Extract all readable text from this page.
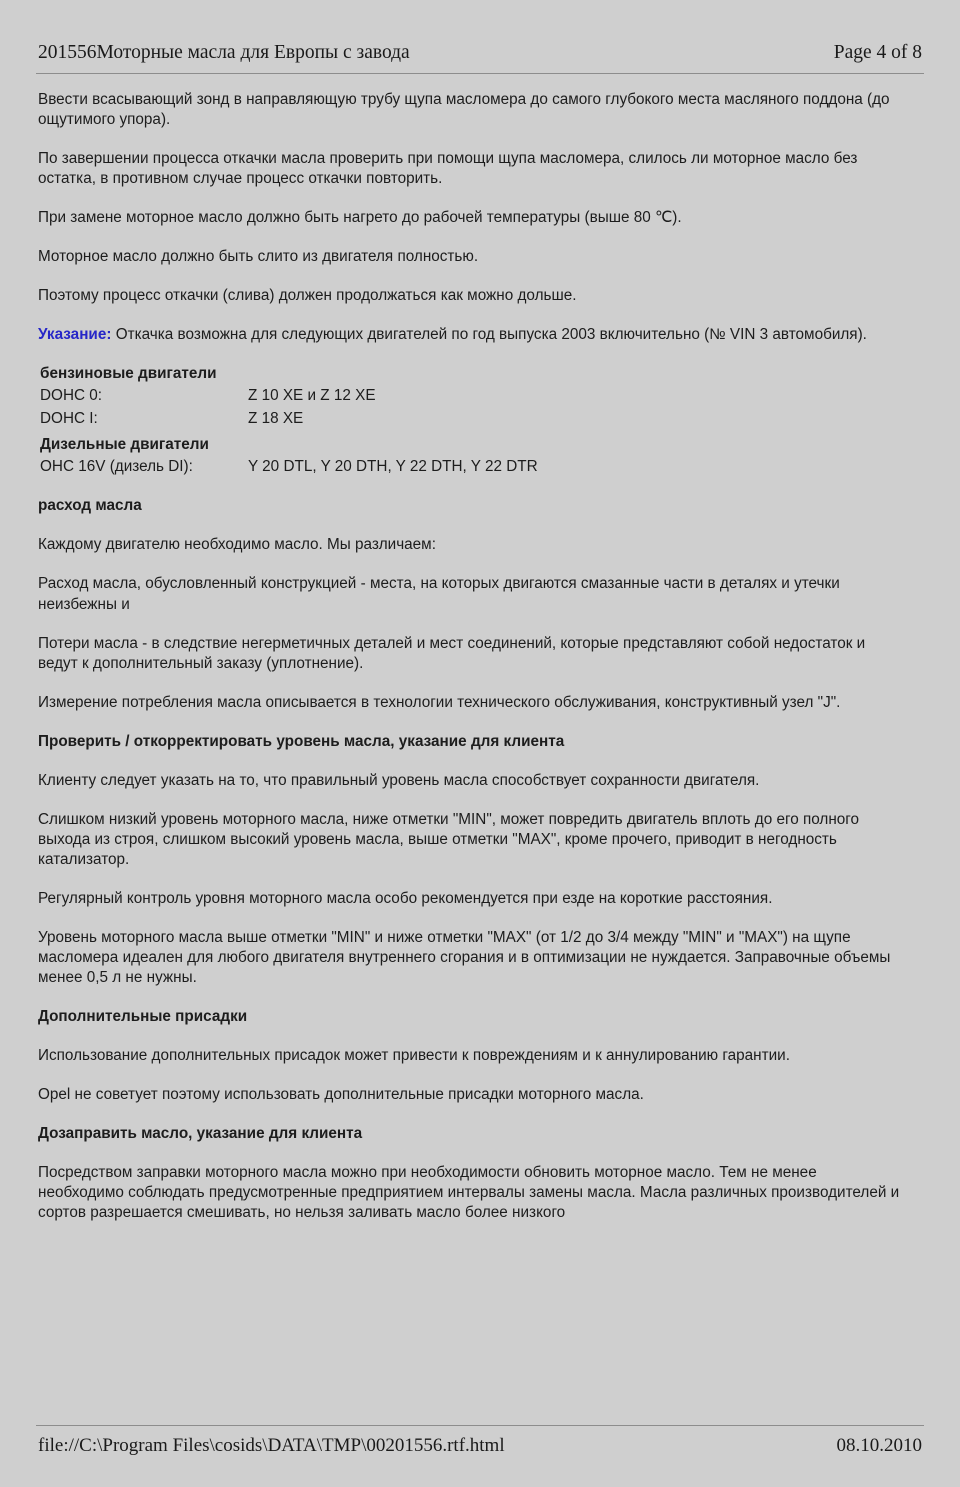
201556Моторные масла для Европы с завода	Page 4 of 8

Ввести всасывающий зонд в направляющую трубу щупа масломера до самого глубокого места масляного поддона (до ощутимого упора).

По завершении процесса откачки масла проверить при помощи щупа масломера, слилось ли моторное масло без остатка, в противном случае процесс откачки повторить.

При замене моторное масло должно быть нагрето до рабочей температуры (выше 80 ℃).

Моторное масло должно быть слито из двигателя полностью.

Поэтому процесс откачки (слива) должен продолжаться как можно дольше.

Указание: Откачка возможна для следующих двигателей по год выпуска 2003 включительно (№ VIN 3 автомобиля).

бензиновые двигатели
DOHC 0:	Z 10 XE и Z 12 XE
DOHC I:	Z 18 XE
Дизельные двигатели
OHC 16V (дизель DI):	Y 20 DTL, Y 20 DTH, Y 22 DTH, Y 22 DTR
расход масла

Каждому двигателю необходимо масло. Мы различаем:

Расход масла, обусловленный конструкцией - места, на которых двигаются смазанные части в деталях и утечки неизбежны и

Потери масла - в следствие негерметичных деталей и мест соединений, которые представляют собой недостаток и ведут к дополнительный заказу (уплотнение).

Измерение потребления масла описывается в технологии технического обслуживания, конструктивный узел "J".

Проверить / откорректировать уровень масла, указание для клиента

Клиенту следует указать на то, что правильный уровень масла способствует сохранности двигателя.

Слишком низкий уровень моторного масла, ниже отметки "MIN", может повредить двигатель вплоть до его полного выхода из строя, слишком высокий уровень масла, выше отметки "MAX", кроме прочего, приводит в негодность катализатор.

Регулярный контроль уровня моторного масла особо рекомендуется при езде на короткие расстояния.

Уровень моторного масла выше отметки "MIN" и ниже отметки "MAX" (от 1/2 до 3/4 между "MIN" и "MAX") на щупе масломера идеален для любого двигателя внутреннего сгорания и в оптимизации не нуждается. Заправочные объемы менее 0,5 л не нужны.

Дополнительные присадки

Использование дополнительных присадок может привести к повреждениям и к аннулированию гарантии.

Opel не советует поэтому использовать дополнительные присадки моторного масла.

Дозаправить масло, указание для клиента

Посредством заправки моторного масла можно при необходимости обновить моторное масло. Тем не менее необходимо соблюдать предусмотренные предприятием интервалы замены масла. Масла различных производителей и сортов разрешается смешивать, но нельзя заливать масло более низкого

file://C:\Program Files\cosids\DATA\TMP\00201556.rtf.html	08.10.2010
